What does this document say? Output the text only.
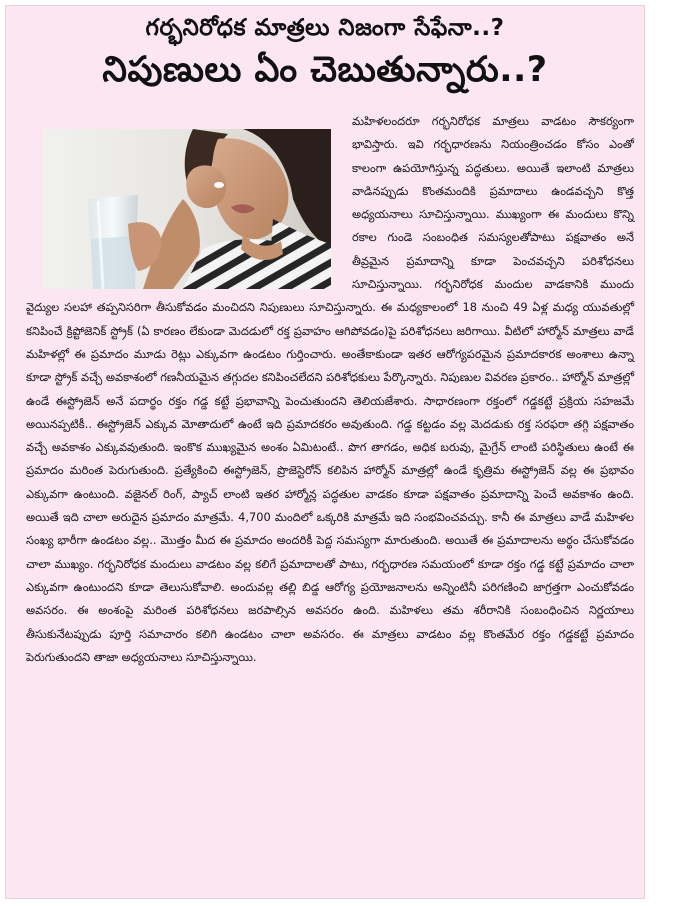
గర్భనిరోధక మాత్రలు నిజంగా సేఫేనా..?
నిపుణులు ఏం చెబుతున్నారు..?

మహిళలందరూ గర్భనిరోధక మాత్రలు వాడటం సౌకర్యంగా భావిస్తారు. ఇవి గర్భధారణను నియంత్రించడం కోసం ఎంతో కాలంగా ఉపయోగిస్తున్న పద్ధతులు. అయితే ఇలాంటి మాత్రలు వాడినప్పుడు కొంతమందికి ప్రమాదాలు ఉండవచ్చని కొత్త అధ్యయనాలు సూచిస్తున్నాయి. ముఖ్యంగా ఈ మందులు కొన్ని రకాల గుండె సంబంధిత సమస్యలతోపాటు పక్షవాతం అనే తీవ్రమైన ప్రమాదాన్ని కూడా పెంచవచ్చని పరిశోధనలు సూచిస్తున్నాయి. గర్భనిరోధక మందుల వాడకానికి ముందు వైద్యుల సలహా తప్పనిసరిగా తీసుకోవడం మంచిదని నిపుణులు సూచిస్తున్నారు. ఈ మధ్యకాలంలో 18 నుంచి 49 ఏళ్ల మధ్య యువతుల్లో కనిపించే క్రిప్టోజెనిక్ స్ట్రోక్ (ఏ కారణం లేకుండా మెదడులో రక్త ప్రవాహం ఆగిపోవడం)పై పరిశోధనలు జరిగాయి. వీటిలో హార్మోన్ మాత్రలు వాడే మహిళల్లో ఈ ప్రమాదం మూడు రెట్లు ఎక్కువగా ఉండటం గుర్తించారు. అంతేకాకుండా ఇతర ఆరోగ్యపరమైన ప్రమాదకారక అంశాలు ఉన్నా కూడా స్ట్రోక్ వచ్చే అవకాశంలో గణనీయమైన తగ్గుదల కనిపించలేదని పరిశోధకులు పేర్కొన్నారు. నిపుణుల వివరణ ప్రకారం.. హార్మోన్ మాత్రల్లో ఉండే ఈస్ట్రోజెన్ అనే పదార్థం రక్తం గడ్డ కట్టే ప్రభావాన్ని పెంచుతుందని తెలియజేశారు. సాధారణంగా రక్తంలో గడ్డకట్టే ప్రక్రియ సహజమే అయినప్పటికీ.. ఈస్ట్రోజెన్ ఎక్కువ మోతాదులో ఉంటే ఇది ప్రమాదకరం అవుతుంది. గడ్డ కట్టడం వల్ల మెదడుకు రక్త సరఫరా తగ్గి పక్షవాతం వచ్చే అవకాశం ఎక్కువవుతుంది. ఇంకొక ముఖ్యమైన అంశం ఏమిటంటే.. పొగ తాగడం, అధిక బరువు, మైగ్రేన్ లాంటి పరిస్థితులు ఉంటే ఈ ప్రమాదం మరింత పెరుగుతుంది. ప్రత్యేకించి ఈస్ట్రోజెన్, ప్రొజెస్టెరోన్ కలిపిన హార్మోన్ మాత్రల్లో ఉండే కృత్రిమ ఈస్ట్రోజెన్ వల్ల ఈ ప్రభావం ఎక్కువగా ఉంటుంది. వజైనల్ రింగ్, ప్యాచ్ లాంటి ఇతర హార్మోన్ల పద్ధతుల వాడకం కూడా పక్షవాతం ప్రమాదాన్ని పెంచే అవకాశం ఉంది. అయితే ఇది చాలా అరుదైన ప్రమాదం మాత్రమే. 4,700 మందిలో ఒక్కరికి మాత్రమే ఇది సంభవించవచ్చు. కానీ ఈ మాత్రలు వాడే మహిళల సంఖ్య భారీగా ఉండటం వల్ల.. మొత్తం మీద ఈ ప్రమాదం అందరికీ పెద్ద సమస్యగా మారుతుంది. అయితే ఈ ప్రమాదాలను అర్థం చేసుకోవడం చాలా ముఖ్యం. గర్భనిరోధక మందులు వాడటం వల్ల కలిగే ప్రమాదాలతో పాటు, గర్భధారణ సమయంలో కూడా రక్తం గడ్డ కట్టే ప్రమాదం చాలా ఎక్కువగా ఉంటుందని కూడా తెలుసుకోవాలి. అందువల్ల తల్లి బిడ్డ ఆరోగ్య ప్రయోజనాలను అన్నింటినీ పరిగణించి జాగ్రత్తగా ఎంచుకోవడం అవసరం. ఈ అంశంపై మరింత పరిశోధనలు జరపాల్సిన అవసరం ఉంది. మహిళలు తమ శరీరానికి సంబంధించిన నిర్ణయాలు తీసుకునేటప్పుడు పూర్తి సమాచారం కలిగి ఉండటం చాలా అవసరం. ఈ మాత్రలు వాడటం వల్ల కొంతమేర రక్తం గడ్డకట్టే ప్రమాదం పెరుగుతుందని తాజా అధ్యయనాలు సూచిస్తున్నాయి.
